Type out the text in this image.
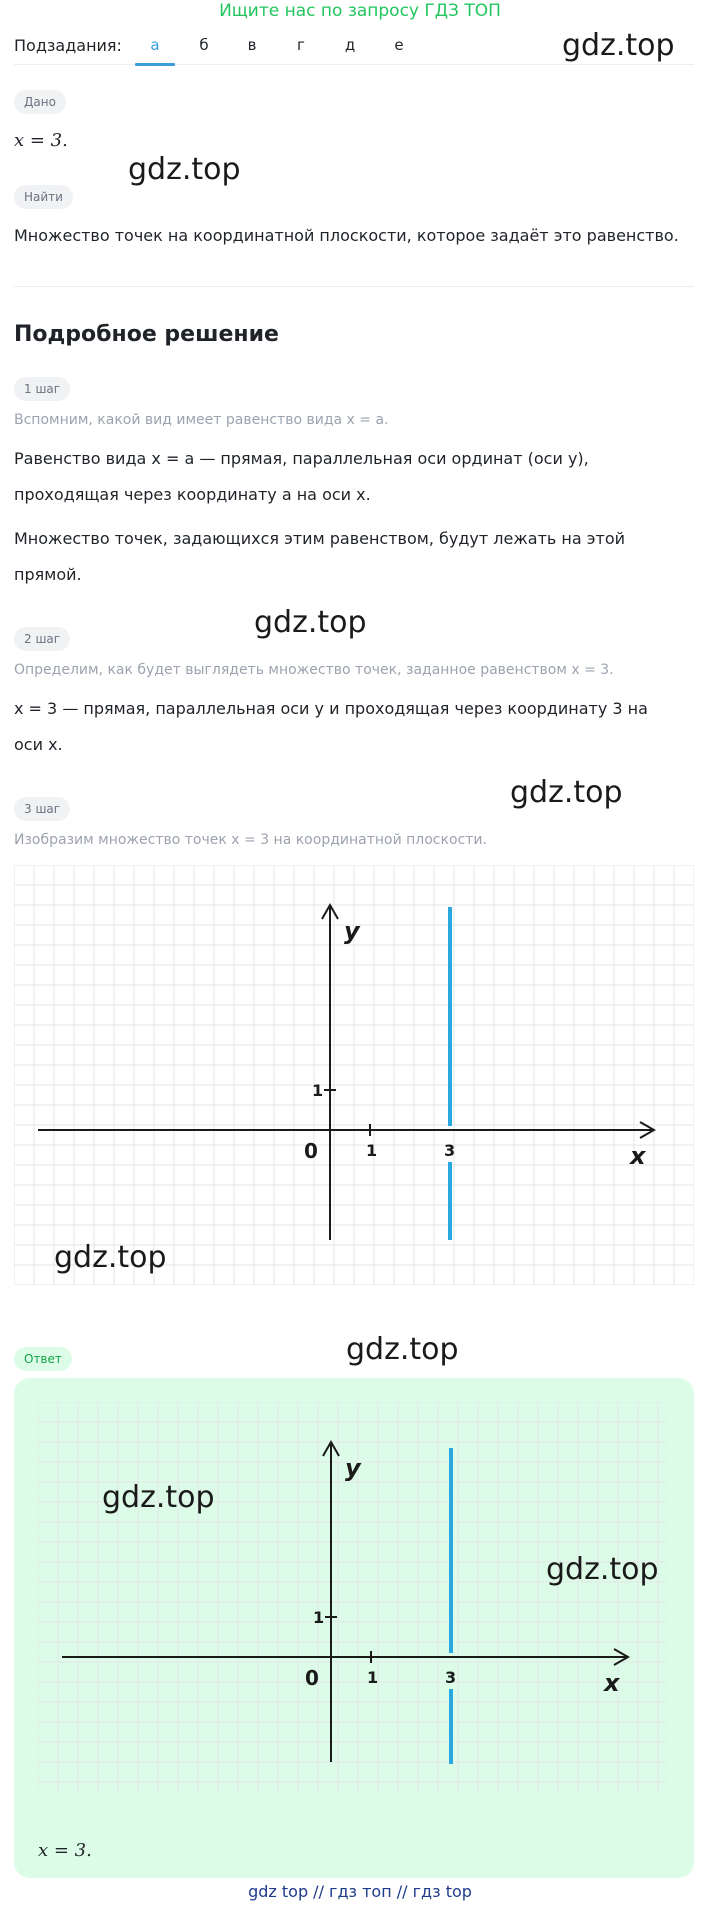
Ищите нас по запросу ГДЗ ТОП
Подзадания:	а	б	в	г	д	е	gdz.top
Дано
x = 3.
gdz.top
Найти
Множество точек на координатной плоскости, которое задаёт это равенство.
Подробное решение
1 шаг
Вспомним, какой вид имеет равенство вида x = a.
Равенство вида x = a — прямая, параллельная оси ординат (оси y),
проходящая через координату a на оси x.
Множество точек, задающихся этим равенством, будут лежать на этой
прямой.
2 шаг	gdz.top
Определим, как будет выглядеть множество точек, заданное равенством x = 3.
x = 3 — прямая, параллельная оси y и проходящая через координату 3 на
оси x.
3 шаг	gdz.top
Изобразим множество точек x = 3 на координатной плоскости.
1	3
1
0	x
y
gdz.top
Ответ	gdz.top
1	3
1
0	x
y
gdz.top
gdz.top
x = 3.
gdz top // гдз топ // гдз top
